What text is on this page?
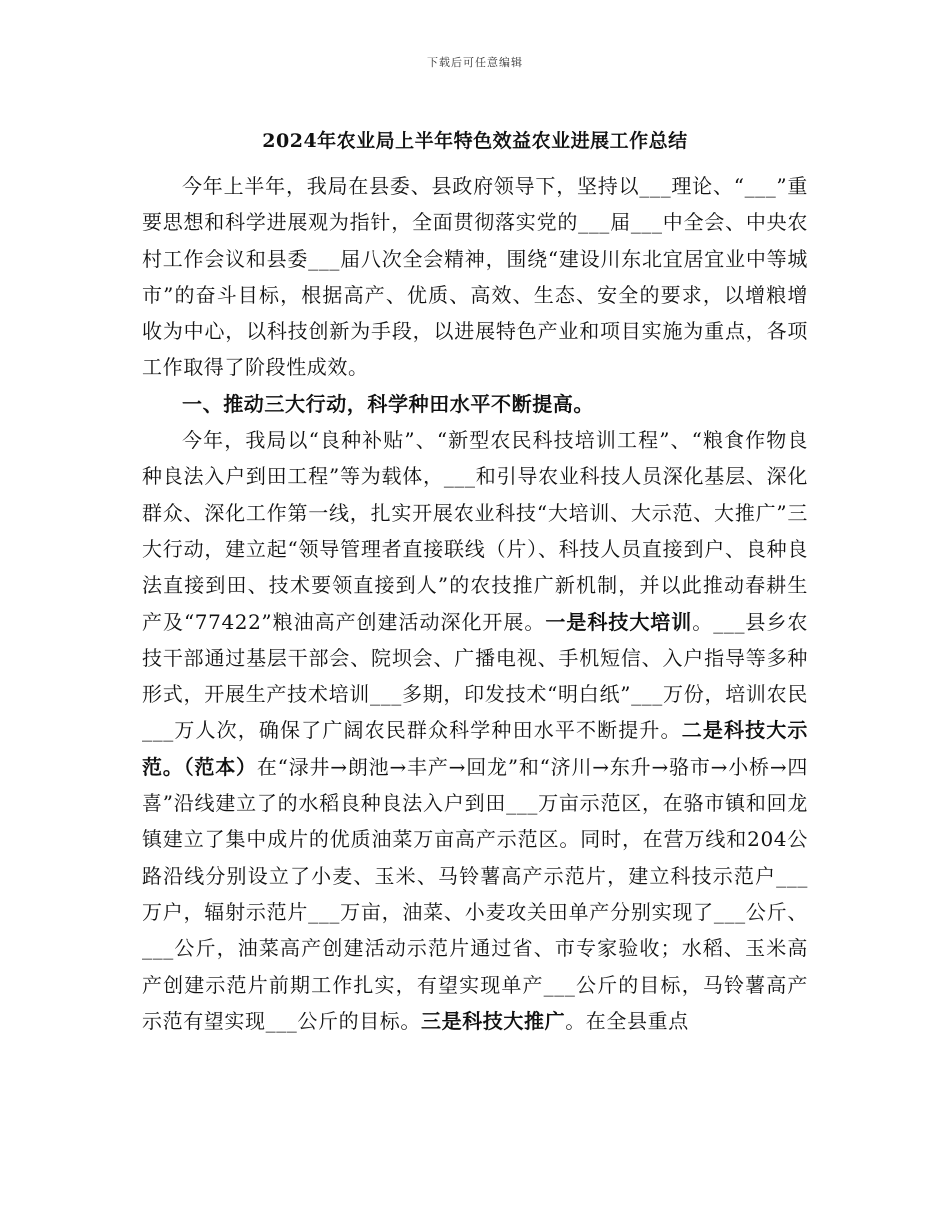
下载后可任意编辑
2024年农业局上半年特色效益农业进展工作总结

今年上半年，我局在县委、县政府领导下，坚持以___理论、“___”重要思想和科学进展观为指针，全面贯彻落实党的___届___中全会、中央农村工作会议和县委___届八次全会精神，围绕“建设川东北宜居宜业中等城市”的奋斗目标，根据高产、优质、高效、生态、安全的要求，以增粮增收为中心，以科技创新为手段，以进展特色产业和项目实施为重点，各项工作取得了阶段性成效。

一、推动三大行动，科学种田水平不断提高。

今年，我局以“良种补贴”、“新型农民科技培训工程”、“粮食作物良种良法入户到田工程”等为载体，___和引导农业科技人员深化基层、深化群众、深化工作第一线，扎实开展农业科技“大培训、大示范、大推广”三大行动，建立起“领导管理者直接联线（片）、科技人员直接到户、良种良法直接到田、技术要领直接到人”的农技推广新机制，并以此推动春耕生产及“77422”粮油高产创建活动深化开展。一是科技大培训。___县乡农技干部通过基层干部会、院坝会、广播电视、手机短信、入户指导等多种形式，开展生产技术培训___多期，印发技术“明白纸”___万份，培训农民___万人次，确保了广阔农民群众科学种田水平不断提升。二是科技大示范。（范本）在“渌井→朗池→丰产→回龙”和“济川→东升→骆市→小桥→四喜”沿线建立了的水稻良种良法入户到田___万亩示范区，在骆市镇和回龙镇建立了集中成片的优质油菜万亩高产示范区。同时，在营万线和204公路沿线分别设立了小麦、玉米、马铃薯高产示范片，建立科技示范户___万户，辐射示范片___万亩，油菜、小麦攻关田单产分别实现了___公斤、___公斤，油菜高产创建活动示范片通过省、市专家验收；水稻、玉米高产创建示范片前期工作扎实，有望实现单产___公斤的目标，马铃薯高产示范有望实现___公斤的目标。三是科技大推广。在全县重点
